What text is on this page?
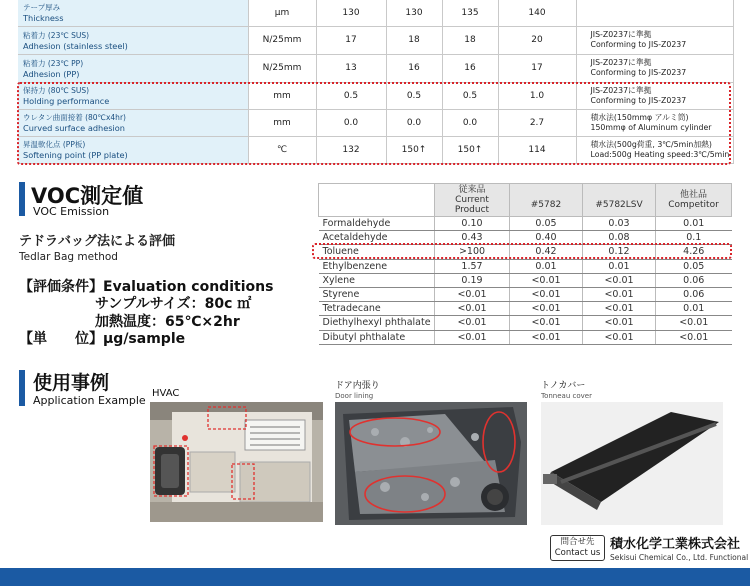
テープ厚み
Thickness	μm	130	130	135	140	

粘着力 (23℃ SUS)
Adhesion (stainless steel)	N/25mm	17	18	18	20	JIS-Z0237に準拠
Conforming to JIS-Z0237
粘着力 (23℃ PP)
Adhesion (PP)	N/25mm	13	16	16	17	JIS-Z0237に準拠
Conforming to JIS-Z0237
保持力 (80℃ SUS)
Holding performance	mm	0.5	0.5	0.5	1.0	JIS-Z0237に準拠
Conforming to JIS-Z0237
ウレタン曲面接着 (80℃x4hr)
Curved surface adhesion	mm	0.0	0.0	0.0	2.7	積水法(150mmφ アルミ筒)
150mmφ of Aluminum cylinder
昇温軟化点 (PP板)
Softening point (PP plate)	℃	132	150↑	150↑	114	積水法(500g荷重, 3℃/5min加熱)
Load:500g Heating speed:3℃/5min
VOC測定値
VOC Emission
テドラバッグ法による評価
Tedlar Bag method
【評価条件】Evaluation conditions
サンプルサイズ：80c ㎡
加熱温度：65℃×2hr
【単　　位】μg/sample

	従来品
Current
Product	#5782	#5782LSV	他社品
Competitor

Formaldehyde	0.10	0.05	0.03	0.01
Acetaldehyde	0.43	0.40	0.08	0.1
Toluene	>100	0.42	0.12	4.26
Ethylbenzene	1.57	0.01	0.01	0.05
Xylene	0.19	<0.01	<0.01	0.06
Styrene	<0.01	<0.01	<0.01	0.06
Tetradecane	<0.01	<0.01	<0.01	0.01
Diethylhexyl phthalate	<0.01	<0.01	<0.01	<0.01
Dibutyl phthalate	<0.01	<0.01	<0.01	<0.01
使用事例
Application Example
HVAC
ドア内張り
Door lining
トノカバー
Tonneau cover
問合せ先
Contact us
積水化学工業株式会社
Sekisui Chemical Co., Ltd. Functional
